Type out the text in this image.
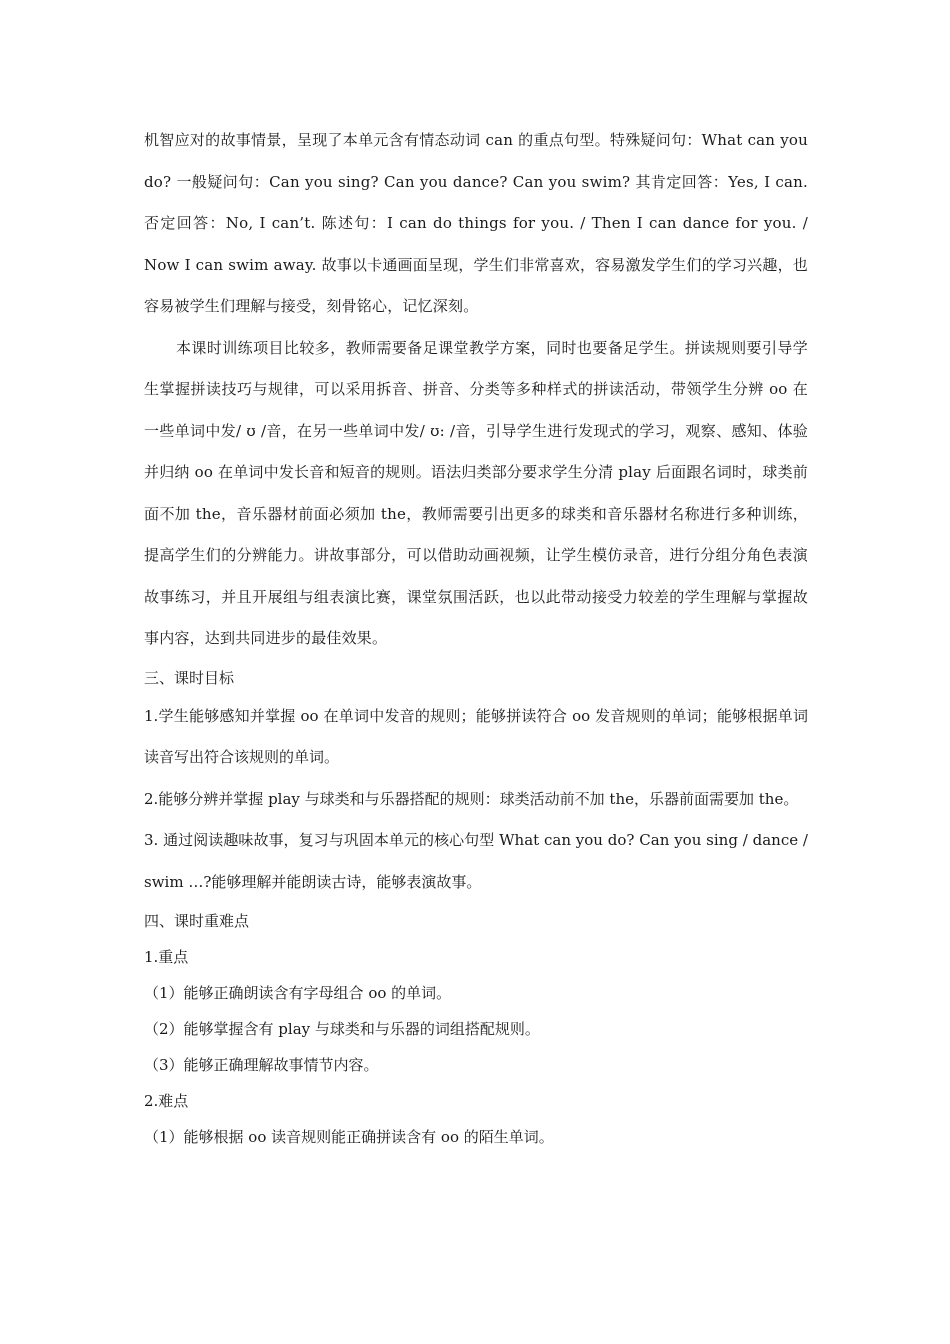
机智应对的故事情景，呈现了本单元含有情态动词 can 的重点句型。特殊疑问句：What can you do? 一般疑问句：Can you sing? Can you dance? Can you swim? 其肯定回答：Yes, I can. 否定回答：No, I can’t. 陈述句：I can do things for you. / Then I can dance for you. / Now I can swim away. 故事以卡通画面呈现，学生们非常喜欢，容易激发学生们的学习兴趣，也容易被学生们理解与接受，刻骨铭心，记忆深刻。

本课时训练项目比较多，教师需要备足课堂教学方案，同时也要备足学生。拼读规则要引导学生掌握拼读技巧与规律，可以采用拆音、拼音、分类等多种样式的拼读活动，带领学生分辨 oo 在一些单词中发/ ʊ /音，在另一些单词中发/ ʊ: /音，引导学生进行发现式的学习，观察、感知、体验并归纳 oo 在单词中发长音和短音的规则。语法归类部分要求学生分清 play 后面跟名词时，球类前面不加 the，音乐器材前面必须加 the，教师需要引出更多的球类和音乐器材名称进行多种训练，提高学生们的分辨能力。讲故事部分，可以借助动画视频，让学生模仿录音，进行分组分角色表演故事练习，并且开展组与组表演比赛，课堂氛围活跃，也以此带动接受力较差的学生理解与掌握故事内容，达到共同进步的最佳效果。

三、课时目标

1.学生能够感知并掌握 oo 在单词中发音的规则；能够拼读符合 oo 发音规则的单词；能够根据单词读音写出符合该规则的单词。

2.能够分辨并掌握 play 与球类和与乐器搭配的规则：球类活动前不加 the，乐器前面需要加 the。

3. 通过阅读趣味故事，复习与巩固本单元的核心句型 What can you do? Can you sing / dance / swim …?能够理解并能朗读古诗，能够表演故事。

四、课时重难点

1.重点

（1）能够正确朗读含有字母组合 oo 的单词。

（2）能够掌握含有 play 与球类和与乐器的词组搭配规则。

（3）能够正确理解故事情节内容。

2.难点

（1）能够根据 oo 读音规则能正确拼读含有 oo 的陌生单词。
